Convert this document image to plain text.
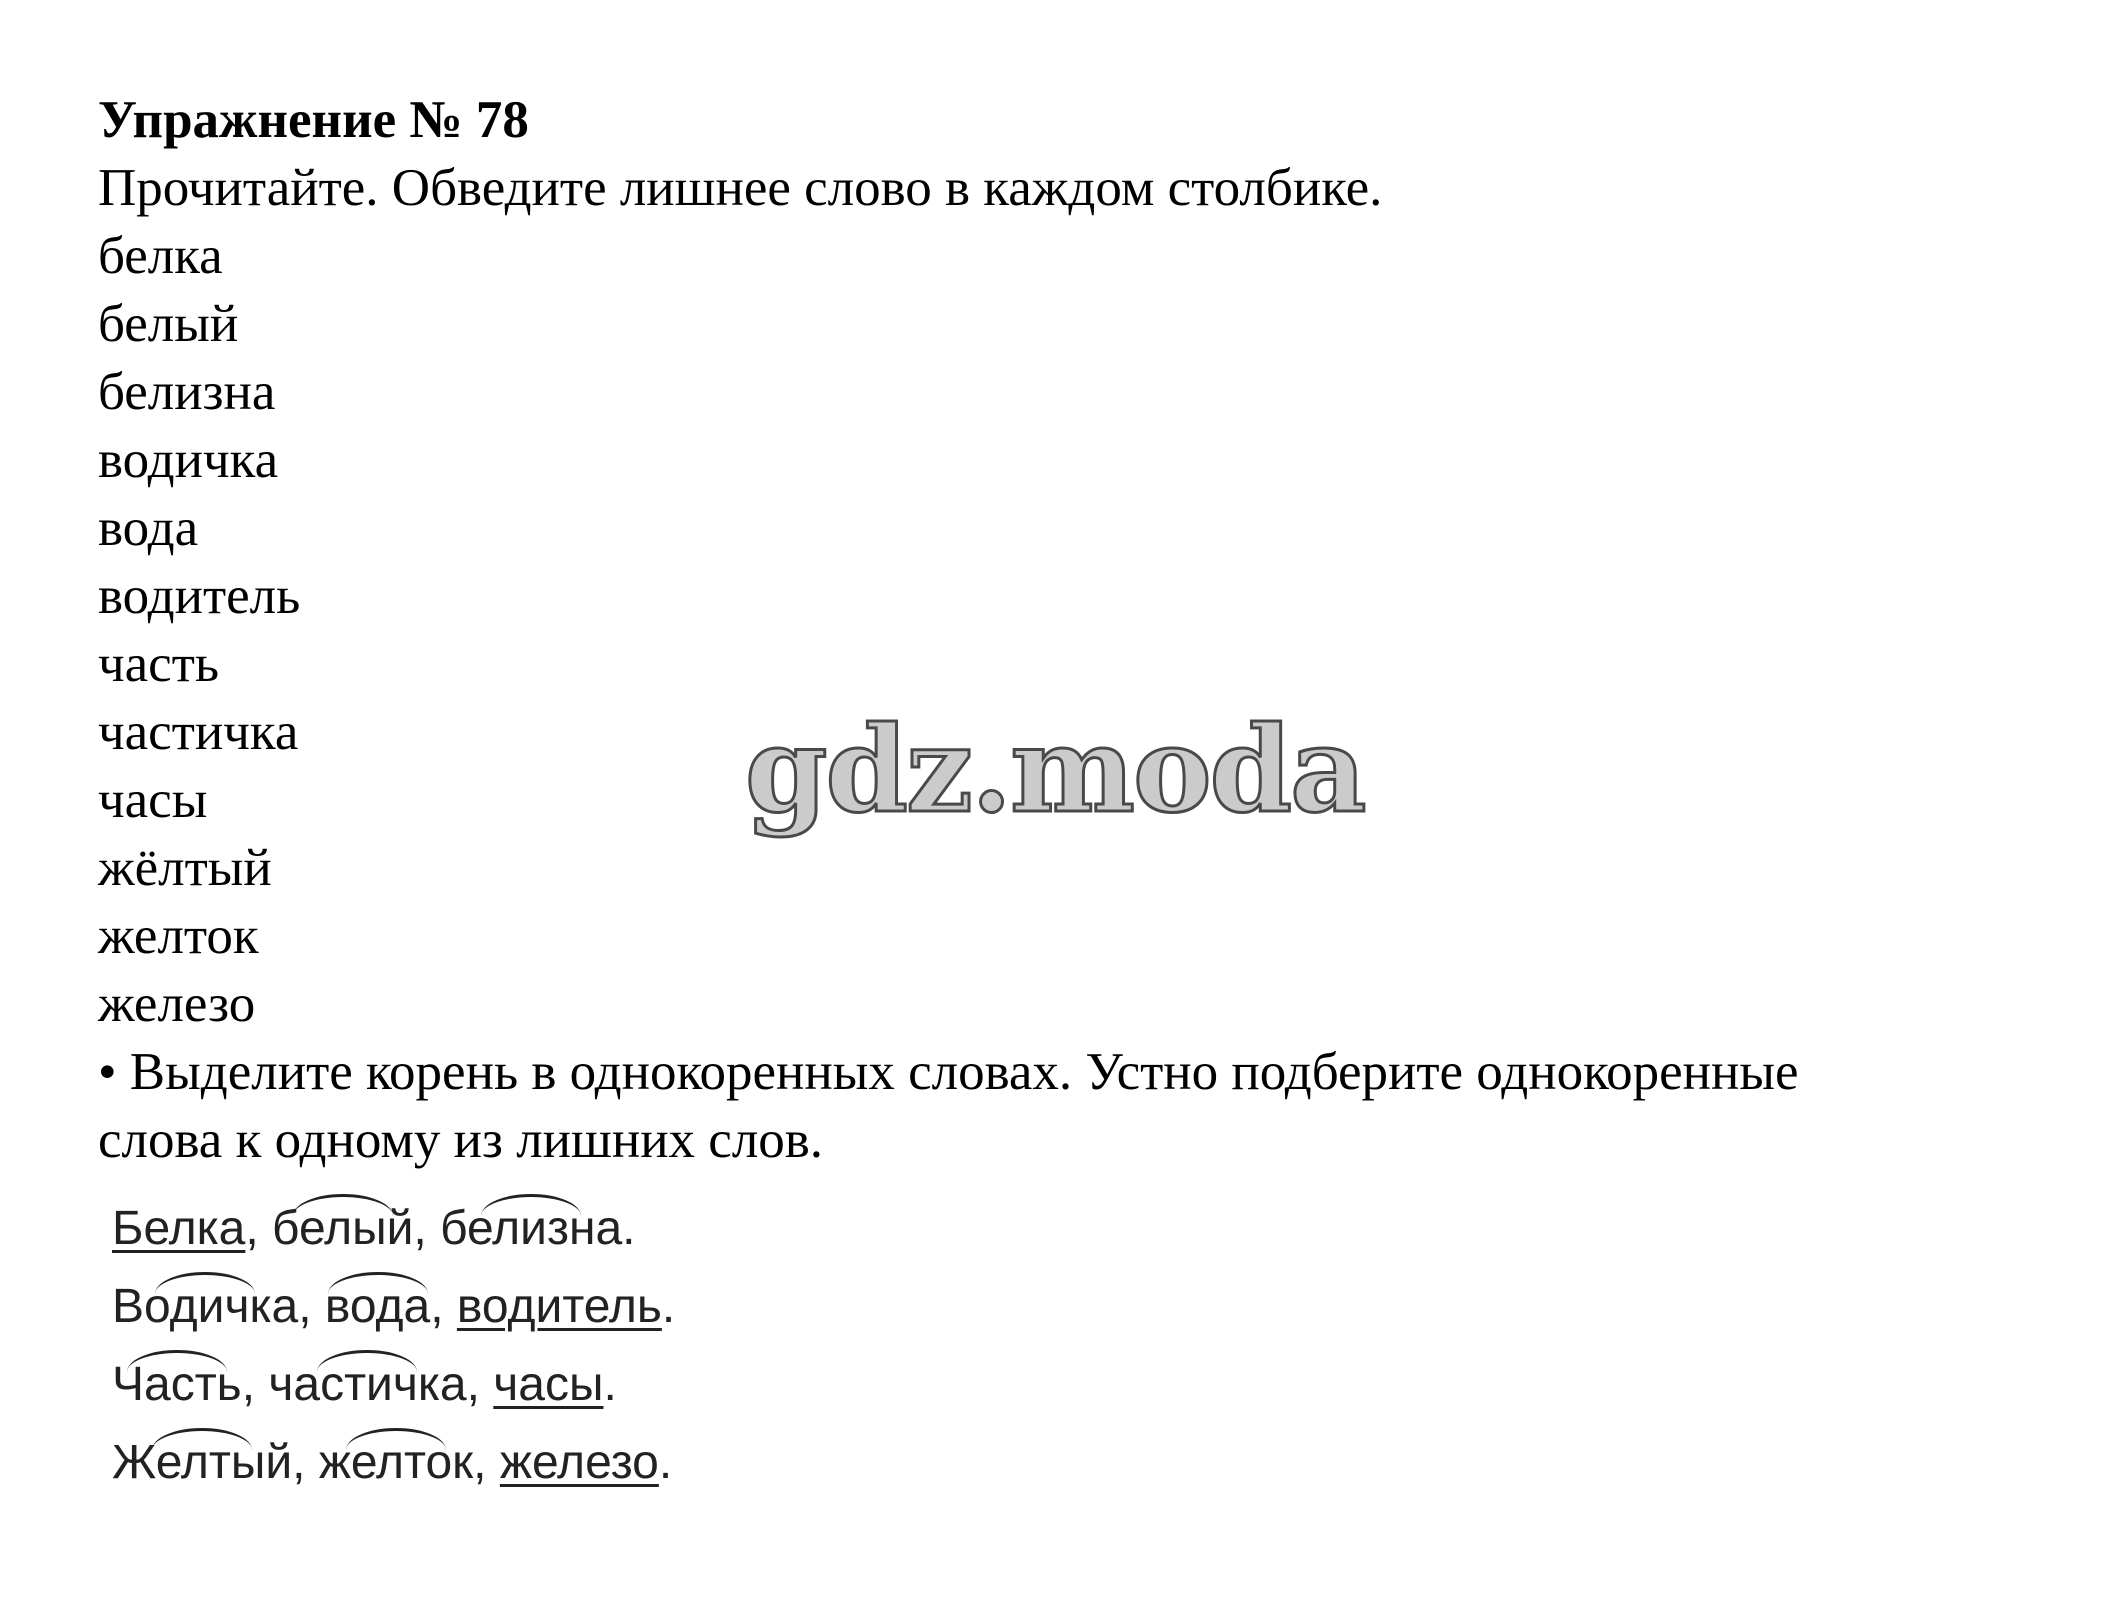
Упражнение № 78
Прочитайте. Обведите лишнее слово в каждом столбике.
белка
белый
белизна
водичка
вода
водитель
часть
частичка
часы
жёлтый
желток
железо
gdz.moda
• Выделите корень в однокоренных словах. Устно подберите однокоренные
слова к одному из лишних слов.
Белка,
белый,
белизна.
Водичка,
вода, водитель.
Часть,
частичка, часы.
Желтый,
желток, железо.
